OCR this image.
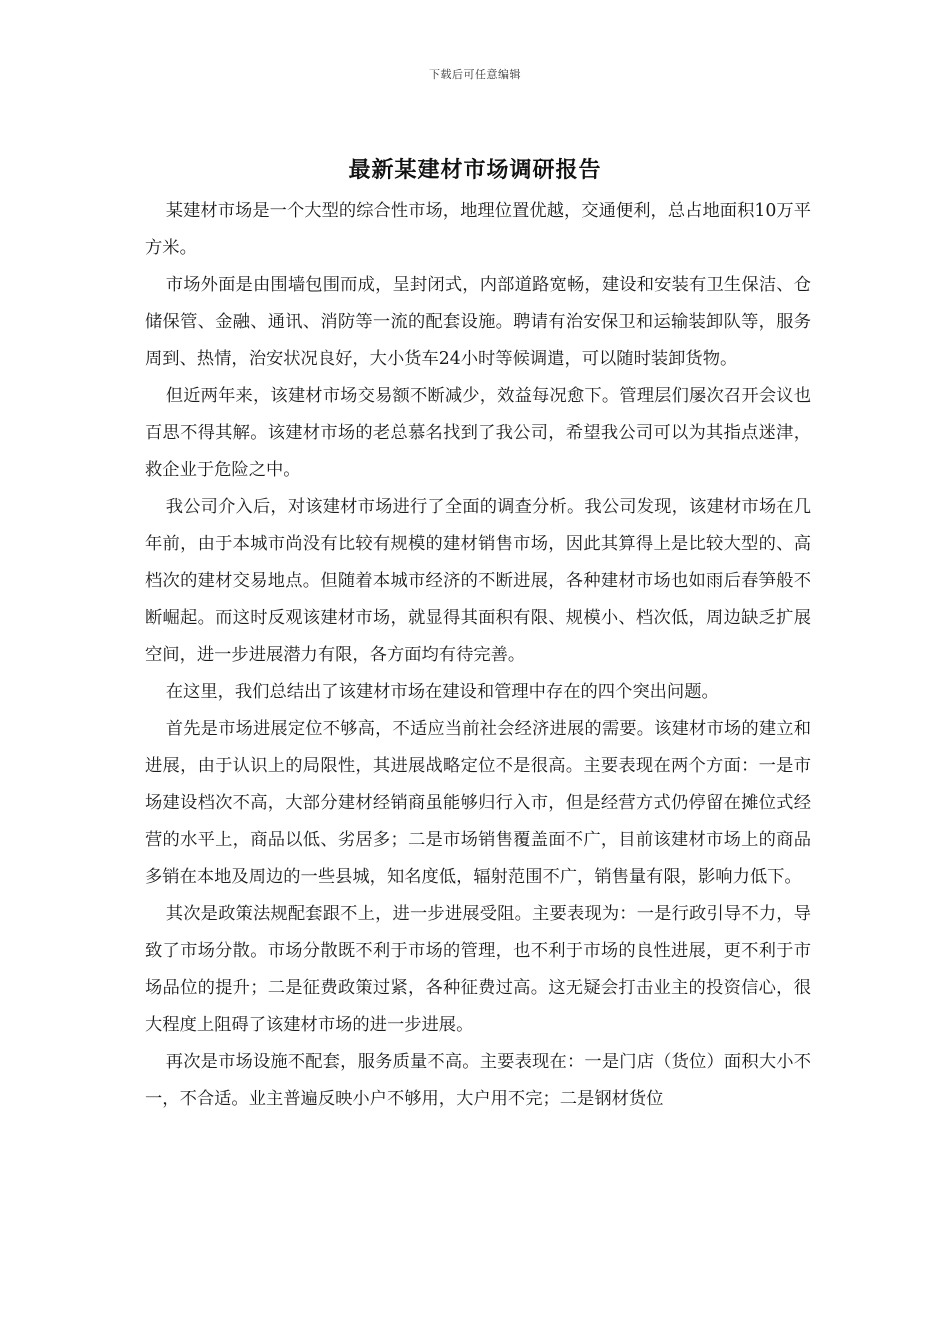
下载后可任意编辑
最新某建材市场调研报告

某建材市场是一个大型的综合性市场，地理位置优越，交通便利，总占地面积10万平方米。

市场外面是由围墙包围而成，呈封闭式，内部道路宽畅，建设和安装有卫生保洁、仓储保管、金融、通讯、消防等一流的配套设施。聘请有治安保卫和运输装卸队等，服务周到、热情，治安状况良好，大小货车24小时等候调遣，可以随时装卸货物。

但近两年来，该建材市场交易额不断减少，效益每况愈下。管理层们屡次召开会议也百思不得其解。该建材市场的老总慕名找到了我公司，希望我公司可以为其指点迷津，救企业于危险之中。

我公司介入后，对该建材市场进行了全面的调查分析。我公司发现，该建材市场在几年前，由于本城市尚没有比较有规模的建材销售市场，因此其算得上是比较大型的、高档次的建材交易地点。但随着本城市经济的不断进展，各种建材市场也如雨后春笋般不断崛起。而这时反观该建材市场，就显得其面积有限、规模小、档次低，周边缺乏扩展空间，进一步进展潜力有限，各方面均有待完善。

在这里，我们总结出了该建材市场在建设和管理中存在的四个突出问题。

首先是市场进展定位不够高，不适应当前社会经济进展的需要。该建材市场的建立和进展，由于认识上的局限性，其进展战略定位不是很高。主要表现在两个方面：一是市场建设档次不高，大部分建材经销商虽能够归行入市，但是经营方式仍停留在摊位式经营的水平上，商品以低、劣居多；二是市场销售覆盖面不广，目前该建材市场上的商品多销在本地及周边的一些县城，知名度低，辐射范围不广，销售量有限，影响力低下。

其次是政策法规配套跟不上，进一步进展受阻。主要表现为：一是行政引导不力，导致了市场分散。市场分散既不利于市场的管理，也不利于市场的良性进展，更不利于市场品位的提升；二是征费政策过紧，各种征费过高。这无疑会打击业主的投资信心，很大程度上阻碍了该建材市场的进一步进展。

再次是市场设施不配套，服务质量不高。主要表现在：一是门店（货位）面积大小不一，不合适。业主普遍反映小户不够用，大户用不完；二是钢材货位
